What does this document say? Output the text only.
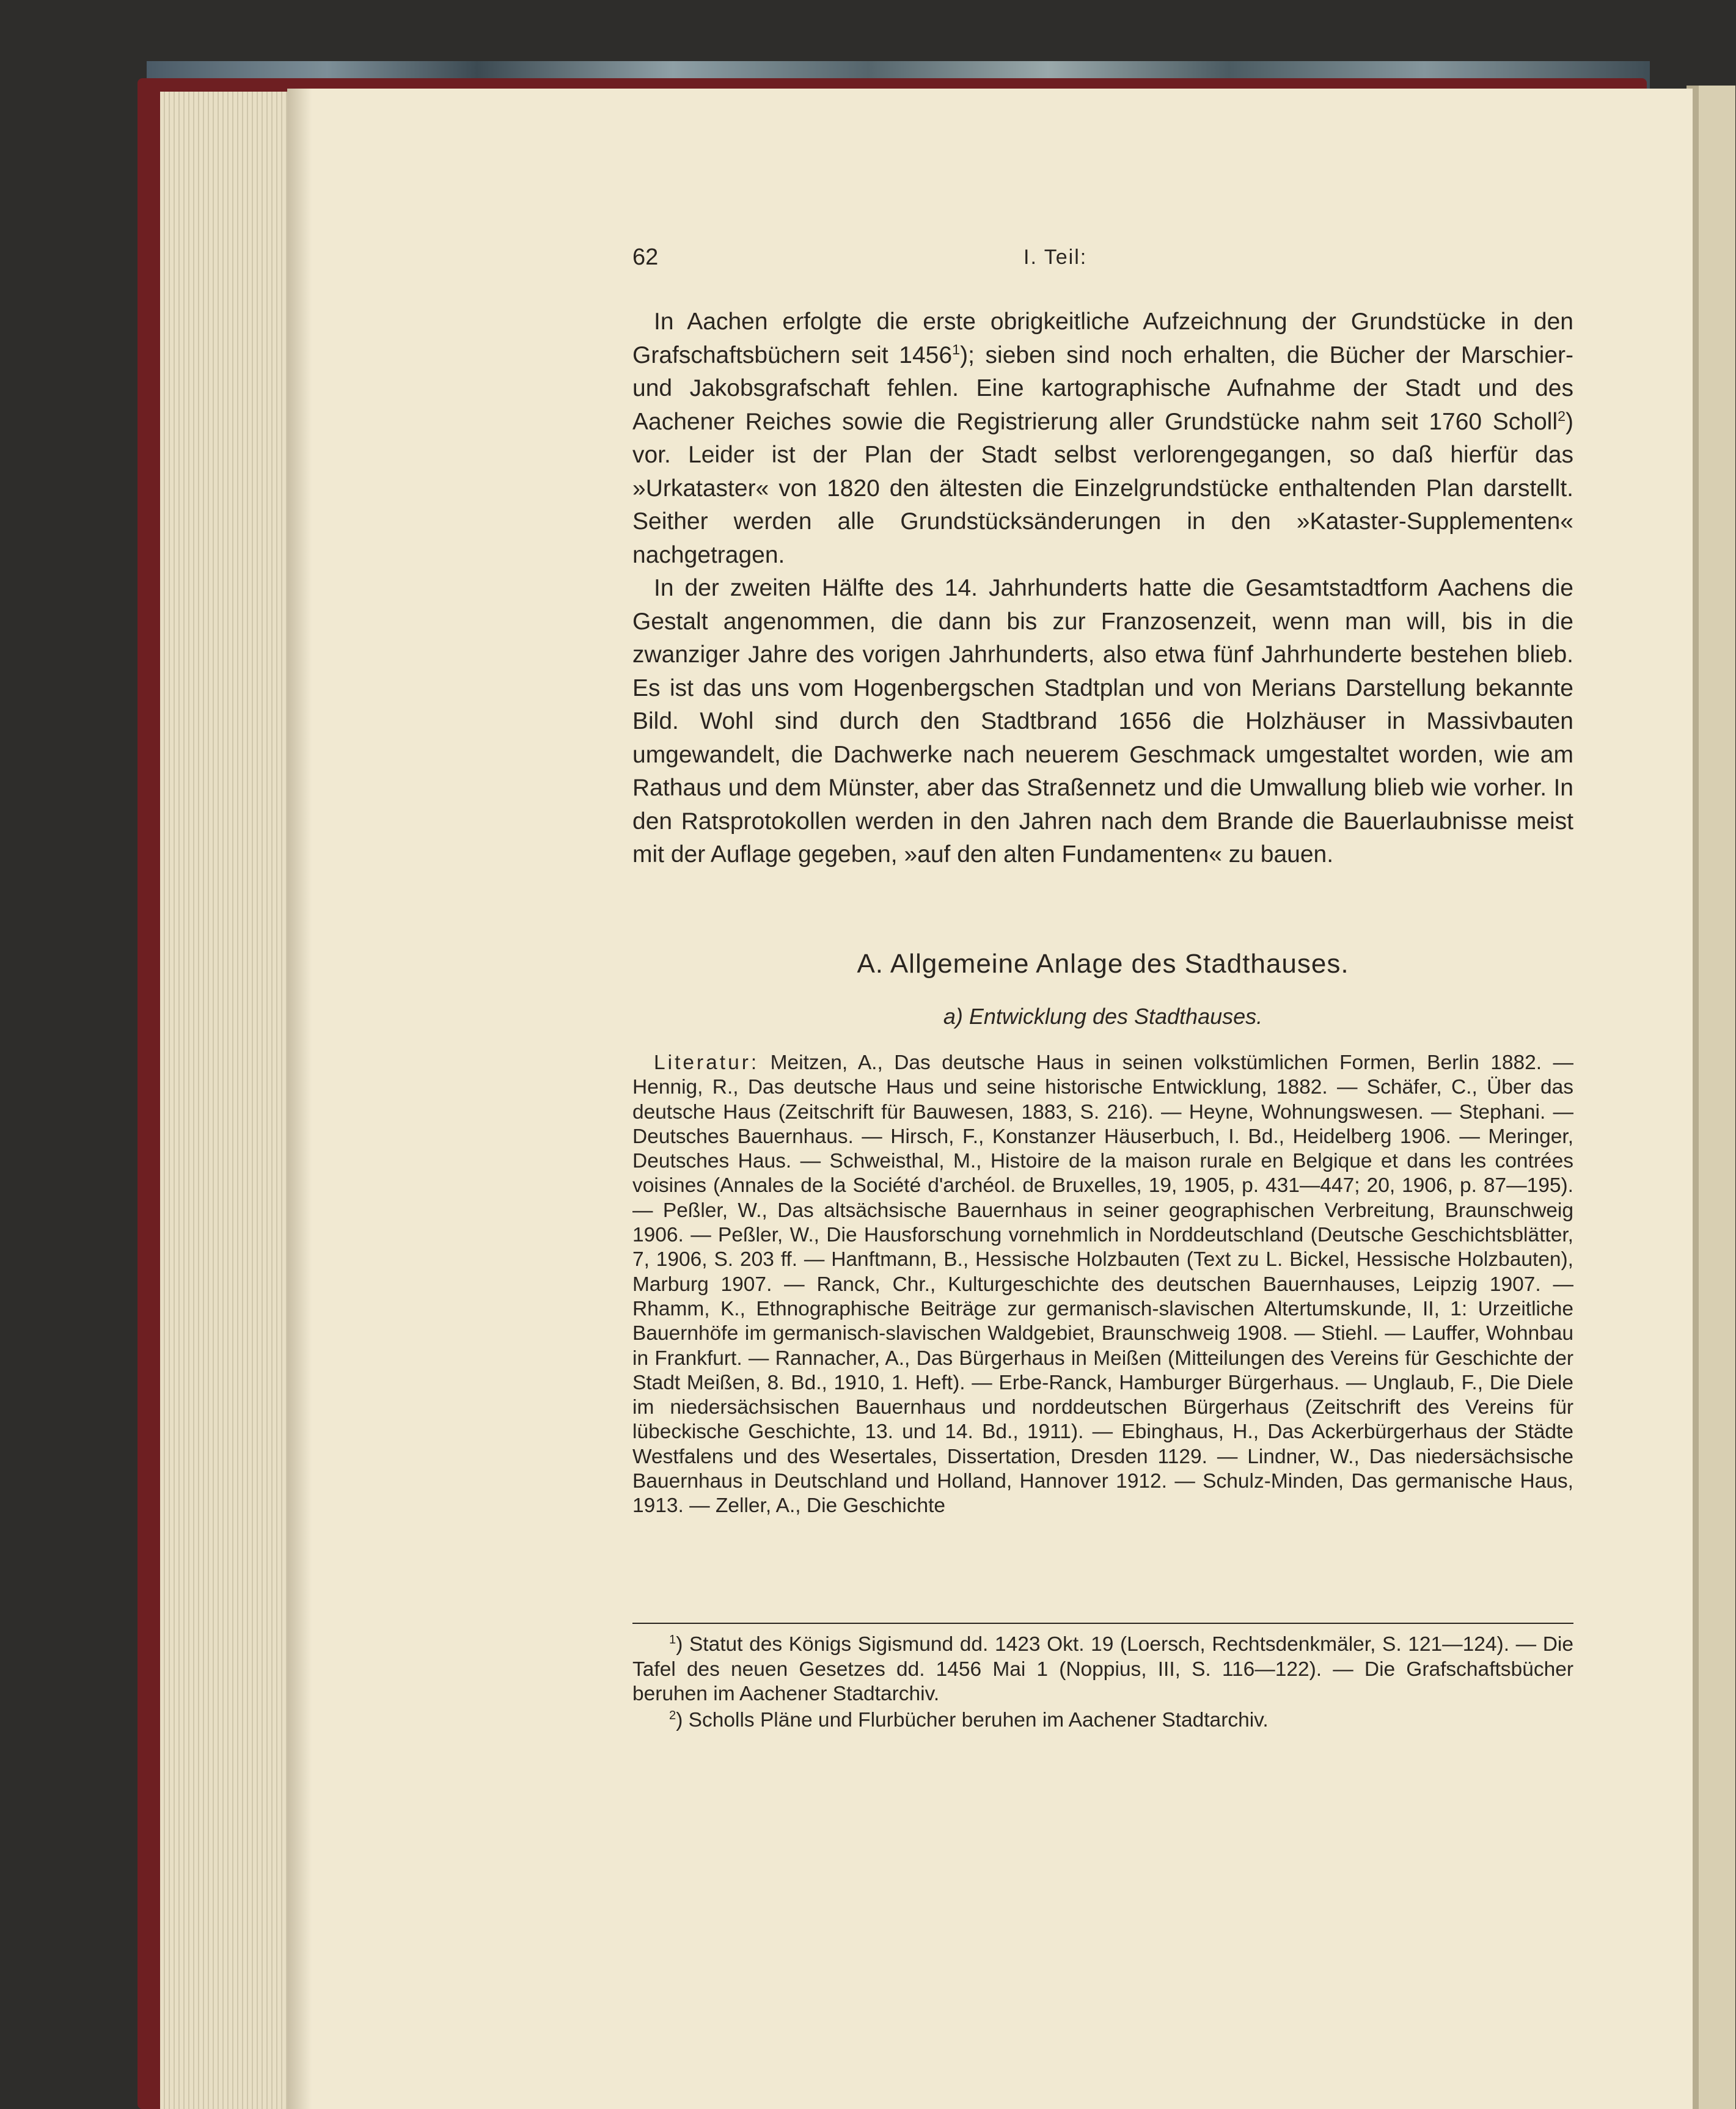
62	I. Teil:

In Aachen erfolgte die erste obrigkeitliche Aufzeichnung der Grundstücke in den Grafschaftsbüchern seit 1456$^1$); sieben sind noch erhalten, die Bücher der Marschier- und Jakobsgrafschaft fehlen. Eine kartographische Aufnahme der Stadt und des Aachener Reiches sowie die Registrierung aller Grundstücke nahm seit 1760 Scholl$^2$) vor. Leider ist der Plan der Stadt selbst verlorengegangen, so daß hierfür das »Urkataster« von 1820 den ältesten die Einzelgrundstücke enthaltenden Plan darstellt. Seither werden alle Grundstücksänderungen in den »Kataster-Supplementen« nachgetragen.

In der zweiten Hälfte des 14. Jahrhunderts hatte die Gesamtstadtform Aachens die Gestalt angenommen, die dann bis zur Franzosenzeit, wenn man will, bis in die zwanziger Jahre des vorigen Jahrhunderts, also etwa fünf Jahrhunderte bestehen blieb. Es ist das uns vom Hogenbergschen Stadtplan und von Merians Darstellung bekannte Bild. Wohl sind durch den Stadtbrand 1656 die Holzhäuser in Massivbauten umgewandelt, die Dachwerke nach neuerem Geschmack umgestaltet worden, wie am Rathaus und dem Münster, aber das Straßennetz und die Umwallung blieb wie vorher. In den Ratsprotokollen werden in den Jahren nach dem Brande die Bauerlaubnisse meist mit der Auflage gegeben, »auf den alten Fundamenten« zu bauen.

A. Allgemeine Anlage des Stadthauses.
a) Entwicklung des Stadthauses.
Literatur: Meitzen, A., Das deutsche Haus in seinen volkstümlichen Formen, Berlin 1882. — Hennig, R., Das deutsche Haus und seine historische Entwicklung, 1882. — Schäfer, C., Über das deutsche Haus (Zeitschrift für Bauwesen, 1883, S. 216). — Heyne, Wohnungswesen. — Stephani. — Deutsches Bauernhaus. — Hirsch, F., Konstanzer Häuserbuch, I. Bd., Heidelberg 1906. — Meringer, Deutsches Haus. — Schweisthal, M., Histoire de la maison rurale en Belgique et dans les contrées voisines (Annales de la Société d'archéol. de Bruxelles, 19, 1905, p. 431—447; 20, 1906, p. 87—195). — Peßler, W., Das altsächsische Bauernhaus in seiner geographischen Verbreitung, Braunschweig 1906. — Peßler, W., Die Hausforschung vornehmlich in Norddeutschland (Deutsche Geschichtsblätter, 7, 1906, S. 203 ff. — Hanftmann, B., Hessische Holzbauten (Text zu L. Bickel, Hessische Holzbauten), Marburg 1907. — Ranck, Chr., Kulturgeschichte des deutschen Bauernhauses, Leipzig 1907. — Rhamm, K., Ethnographische Beiträge zur germanisch-slavischen Altertumskunde, II, 1: Urzeitliche Bauernhöfe im germanisch-slavischen Waldgebiet, Braunschweig 1908. — Stiehl. — Lauffer, Wohnbau in Frankfurt. — Rannacher, A., Das Bürgerhaus in Meißen (Mitteilungen des Vereins für Geschichte der Stadt Meißen, 8. Bd., 1910, 1. Heft). — Erbe-Ranck, Hamburger Bürgerhaus. — Unglaub, F., Die Diele im niedersächsischen Bauernhaus und norddeutschen Bürgerhaus (Zeitschrift des Vereins für lübeckische Geschichte, 13. und 14. Bd., 1911). — Ebinghaus, H., Das Ackerbürgerhaus der Städte Westfalens und des Wesertales, Dissertation, Dresden 1129. — Lindner, W., Das niedersächsische Bauernhaus in Deutschland und Holland, Hannover 1912. — Schulz-Minden, Das germanische Haus, 1913. — Zeller, A., Die Geschichte

$^1$) Statut des Königs Sigismund dd. 1423 Okt. 19 (Loersch, Rechtsdenkmäler, S. 121—124). — Die Tafel des neuen Gesetzes dd. 1456 Mai 1 (Noppius, III, S. 116—122). — Die Grafschaftsbücher beruhen im Aachener Stadtarchiv.

$^2$) Scholls Pläne und Flurbücher beruhen im Aachener Stadtarchiv.
